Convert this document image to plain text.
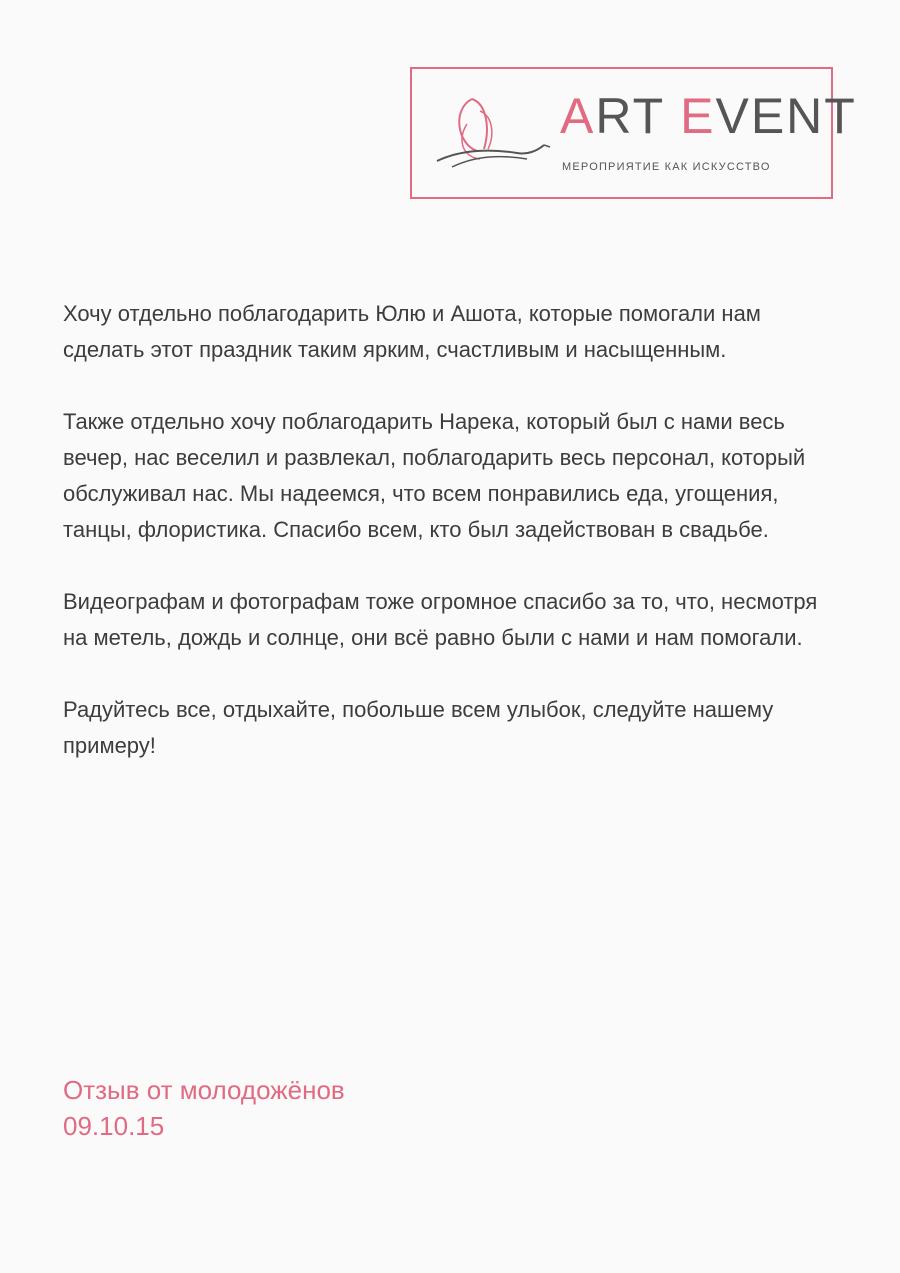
ART EVENT
МЕРОПРИЯТИЕ КАК ИСКУССТВО

Хочу отдельно поблагодарить Юлю и Ашота, которые помогали нам сделать этот праздник таким ярким, счастливым и насыщенным.

Также отдельно хочу поблагодарить Нарека, который был с нами весь вечер, нас веселил и развлекал, поблагодарить весь персонал, который обслуживал нас. Мы надеемся, что всем понравились еда, угощения, танцы, флористика. Спасибо всем, кто был задействован в свадьбе.

Видеографам и фотографам тоже огромное спасибо за то, что, несмотря на метель, дождь и солнце, они всё равно были с нами и нам помогали.

Радуйтесь все, отдыхайте, побольше всем улыбок, следуйте нашему примеру!

Отзыв от молодожёнов
09.10.15
